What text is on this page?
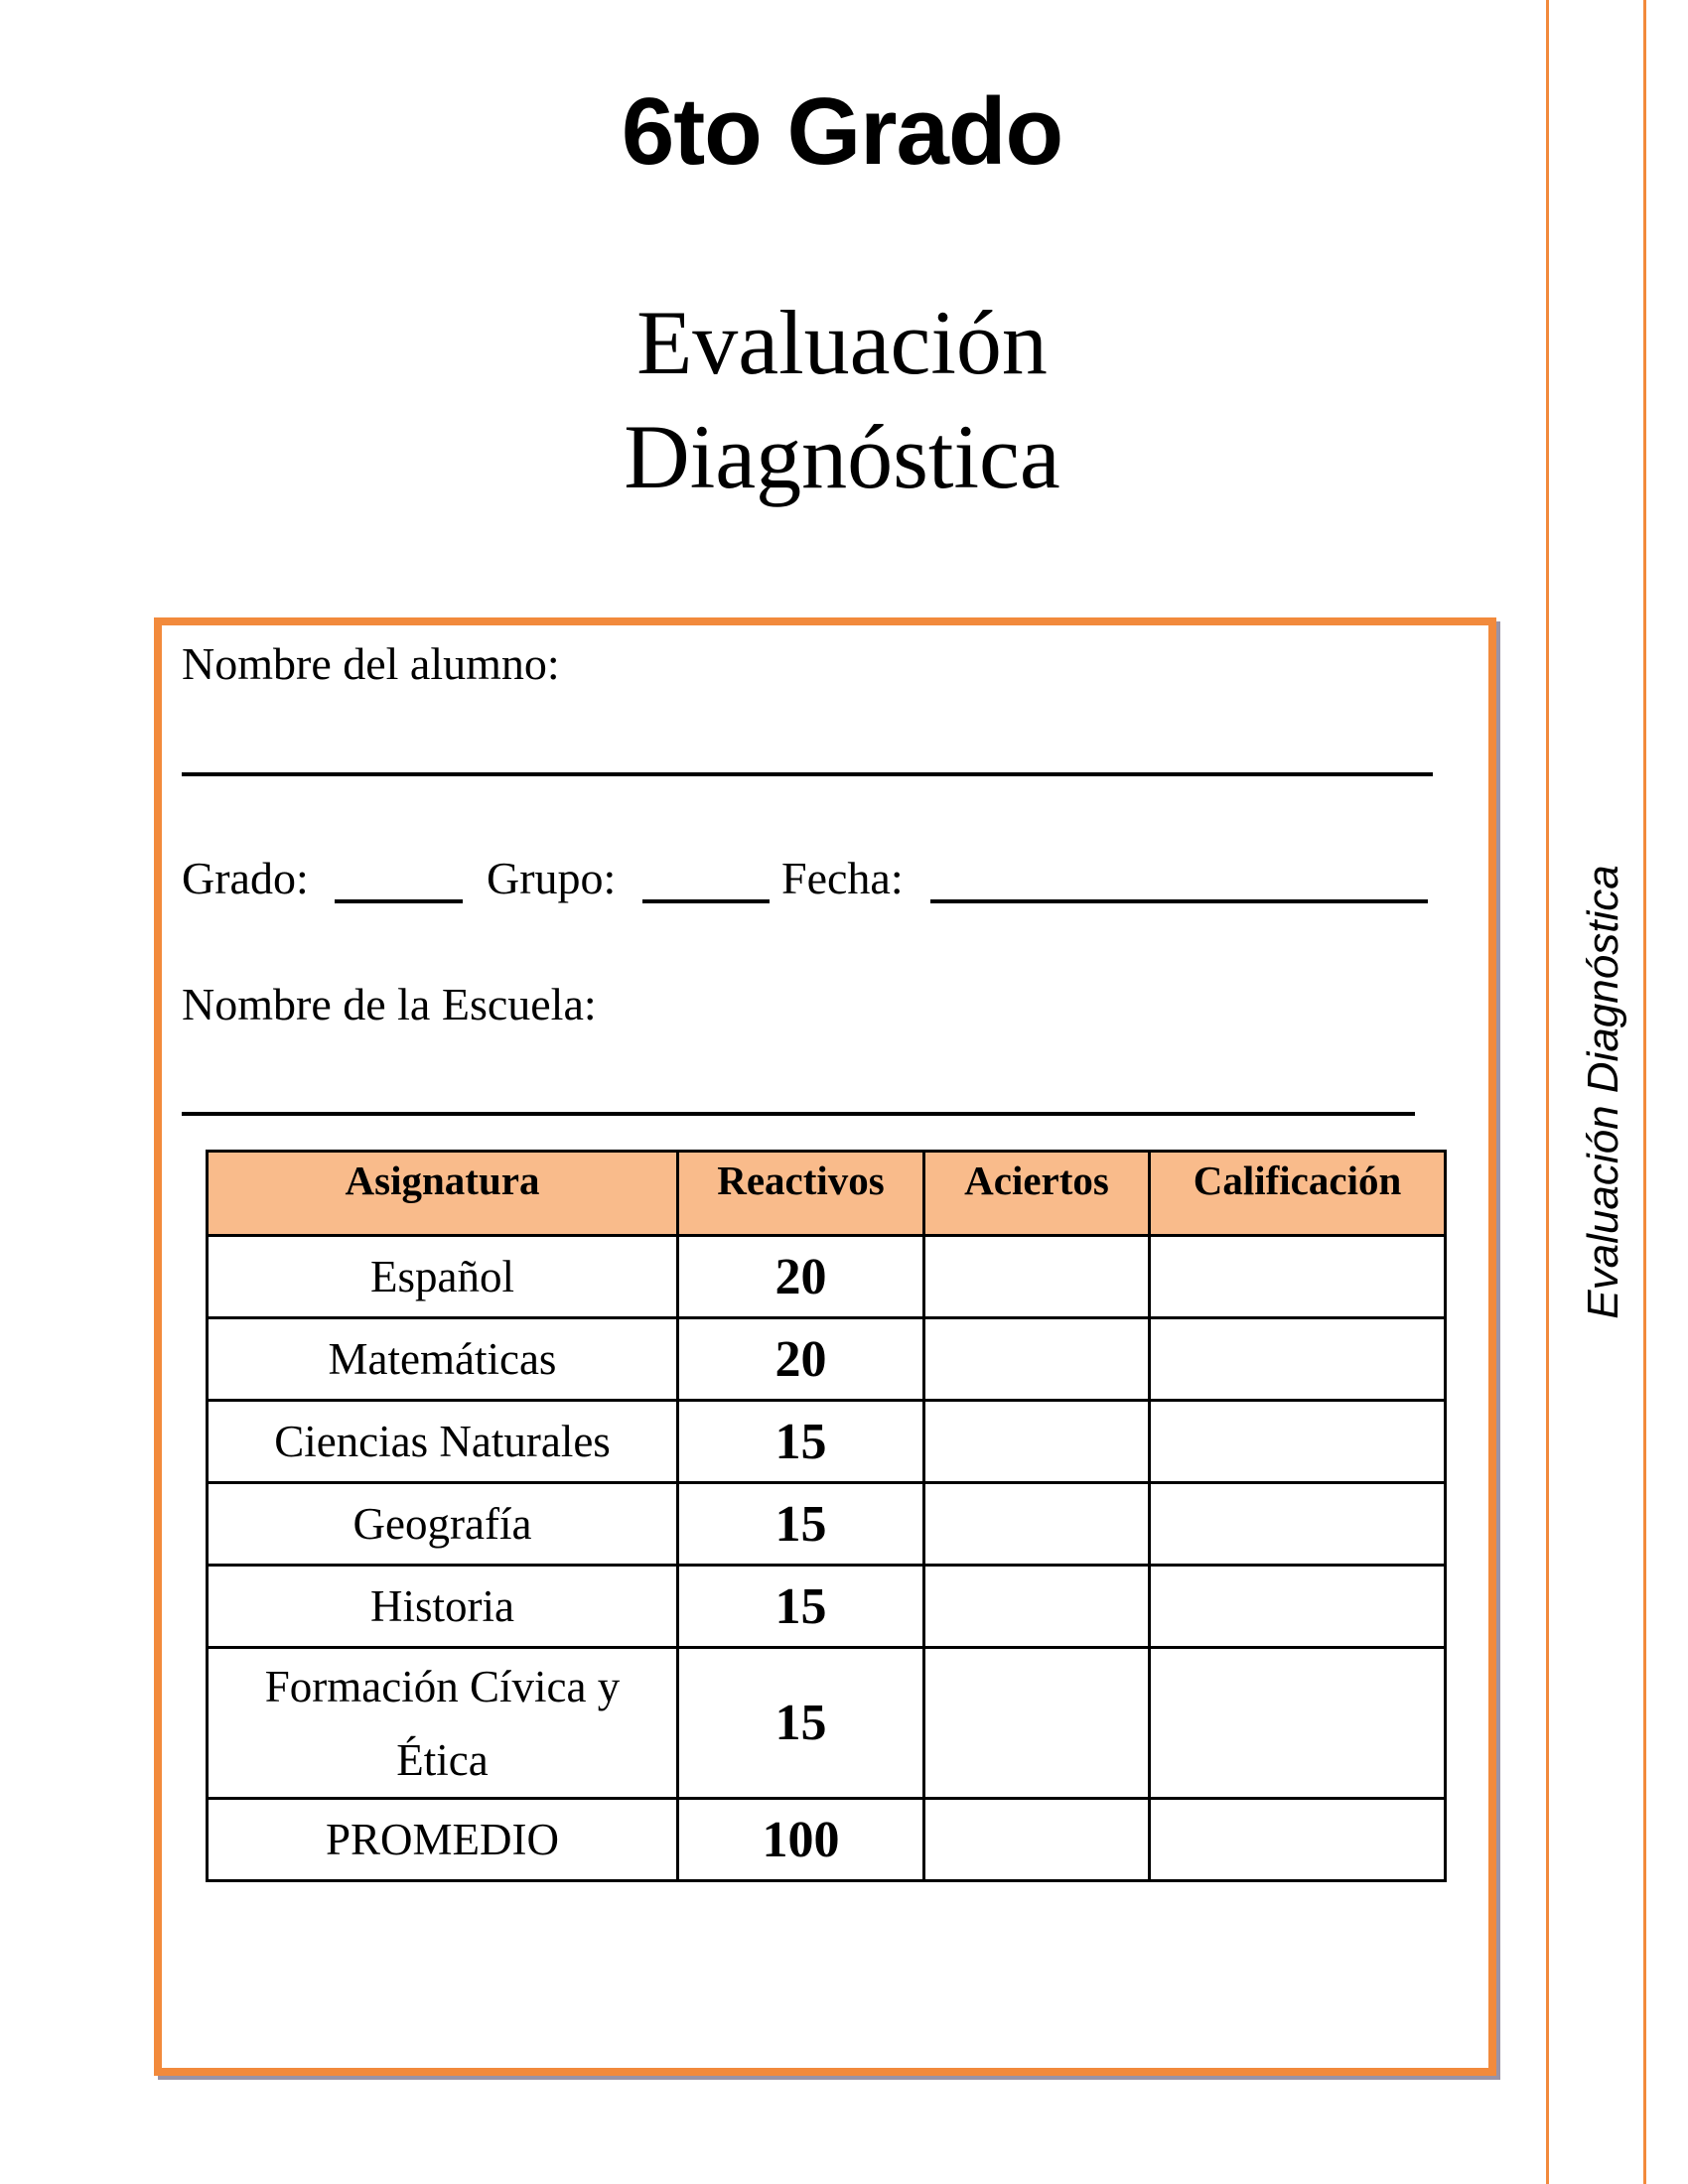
Evaluación Diagnóstica
6to Grado
Evaluación
Diagnóstica
Nombre del alumno:
Grado:	Grupo:	Fecha:
Nombre de la Escuela:
Asignatura	Reactivos	Aciertos	Calificación
Español	20		
Matemáticas	20		
Ciencias Naturales	15		
Geografía	15		
Historia	15		

Formación Cívica y
Ética	15		
PROMEDIO	100		
